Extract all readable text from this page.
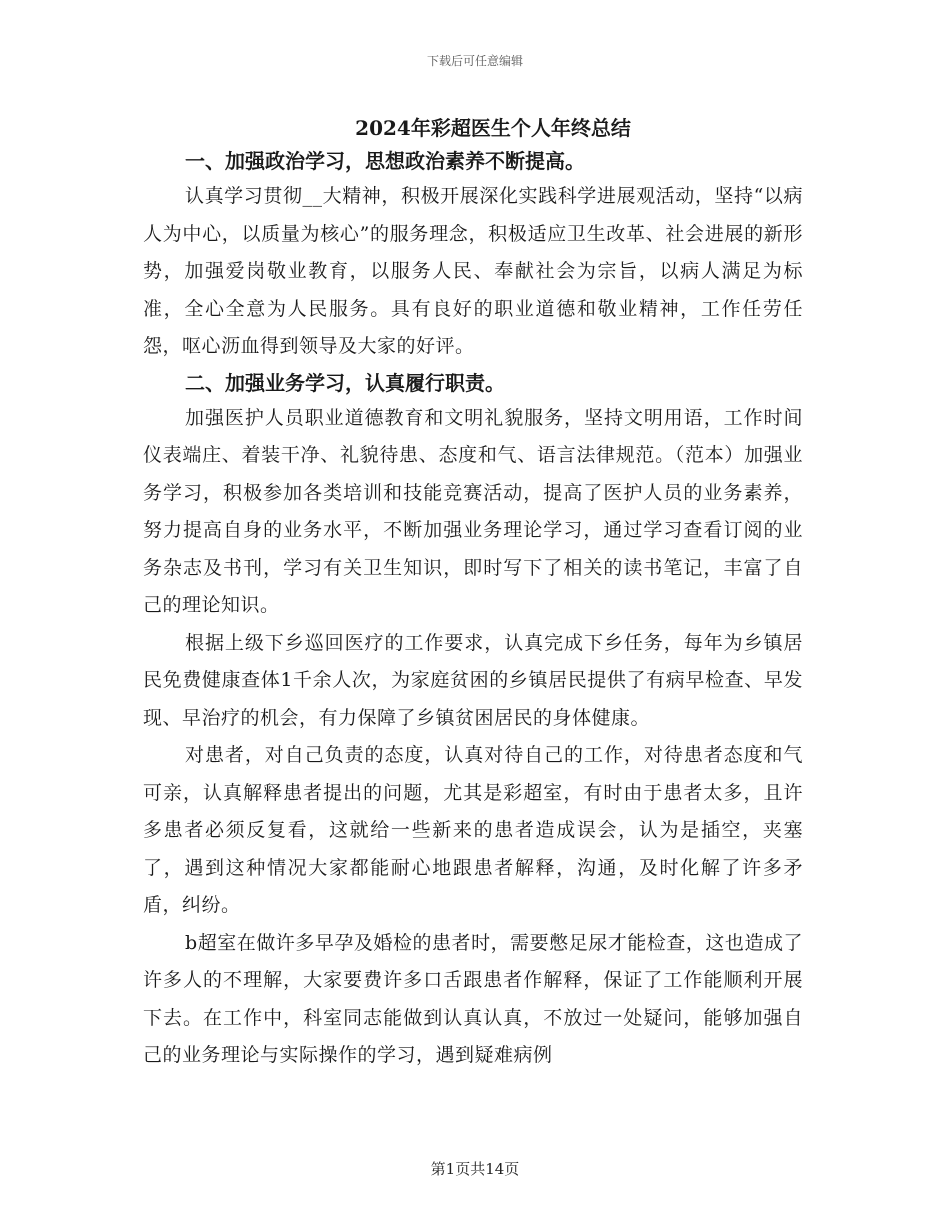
下载后可任意编辑
2024年彩超医生个人年终总结
一、加强政治学习，思想政治素养不断提高。

认真学习贯彻__大精神，积极开展深化实践科学进展观活动，坚持“以病人为中心，以质量为核心”的服务理念，积极适应卫生改革、社会进展的新形势，加强爱岗敬业教育，以服务人民、奉献社会为宗旨，以病人满足为标准，全心全意为人民服务。具有良好的职业道德和敬业精神，工作任劳任怨，呕心沥血得到领导及大家的好评。

二、加强业务学习，认真履行职责。

加强医护人员职业道德教育和文明礼貌服务，坚持文明用语，工作时间仪表端庄、着装干净、礼貌待患、态度和气、语言法律规范。（范本）加强业务学习，积极参加各类培训和技能竞赛活动，提高了医护人员的业务素养，努力提高自身的业务水平，不断加强业务理论学习，通过学习查看订阅的业务杂志及书刊，学习有关卫生知识，即时写下了相关的读书笔记，丰富了自己的理论知识。

根据上级下乡巡回医疗的工作要求，认真完成下乡任务，每年为乡镇居民免费健康查体1千余人次，为家庭贫困的乡镇居民提供了有病早检查、早发现、早治疗的机会，有力保障了乡镇贫困居民的身体健康。

对患者，对自己负责的态度，认真对待自己的工作，对待患者态度和气可亲，认真解释患者提出的问题，尤其是彩超室，有时由于患者太多，且许多患者必须反复看，这就给一些新来的患者造成误会，认为是插空，夹塞了，遇到这种情况大家都能耐心地跟患者解释，沟通，及时化解了许多矛盾，纠纷。

b超室在做许多早孕及婚检的患者时，需要憋足尿才能检查，这也造成了许多人的不理解，大家要费许多口舌跟患者作解释，保证了工作能顺利开展下去。在工作中，科室同志能做到认真认真，不放过一处疑问，能够加强自己的业务理论与实际操作的学习，遇到疑难病例

第1页共14页
